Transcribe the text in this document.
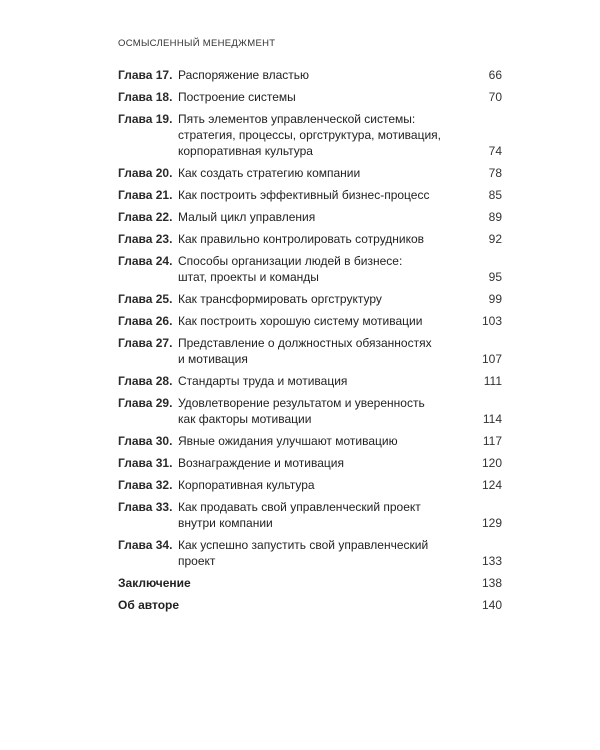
ОСМЫСЛЕННЫЙ МЕНЕДЖМЕНТ
Глава 17. Распоряжение властью	66
Глава 18. Построение системы	70
Глава 19. Пять элементов управленческой системы:
стратегия, процессы, оргструктура, мотивация,
корпоративная культура	74
Глава 20. Как создать стратегию компании	78
Глава 21. Как построить эффективный бизнес-процесс	85
Глава 22. Малый цикл управления	89
Глава 23. Как правильно контролировать сотрудников	92
Глава 24. Способы организации людей в бизнесе:
штат, проекты и команды	95
Глава 25. Как трансформировать оргструктуру	99
Глава 26. Как построить хорошую систему мотивации	103
Глава 27. Представление о должностных обязанностях
и мотивация	107
Глава 28. Стандарты труда и мотивация	111
Глава 29. Удовлетворение результатом и уверенность
как факторы мотивации	114
Глава 30. Явные ожидания улучшают мотивацию	117
Глава 31. Вознаграждение и мотивация	120
Глава 32. Корпоративная культура	124
Глава 33. Как продавать свой управленческий проект
внутри компании	129
Глава 34. Как успешно запустить свой управленческий
проект	133
Заключение	138
Об авторе	140
